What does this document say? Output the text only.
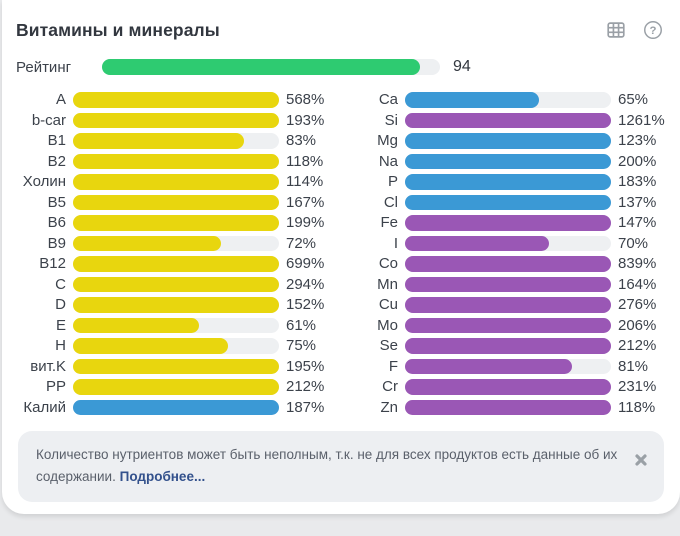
Витамины и минералы	?
Рейтинг	94
A	568%
b-car	193%
B1	83%
B2	118%
Холин	114%
B5	167%
B6	199%
B9	72%
B12	699%
C	294%
D	152%
E	61%
H	75%
вит.K	195%
PP	212%
Калий	187%
Ca	65%
Si	1261%
Mg	123%
Na	200%
P	183%
Cl	137%
Fe	147%
I	70%
Co	839%
Mn	164%
Cu	276%
Mo	206%
Se	212%
F	81%
Cr	231%
Zn	118%
Количество нутриентов может быть неполным, т.к. не для всех продуктов есть данные об их содержании. Подробнее...
